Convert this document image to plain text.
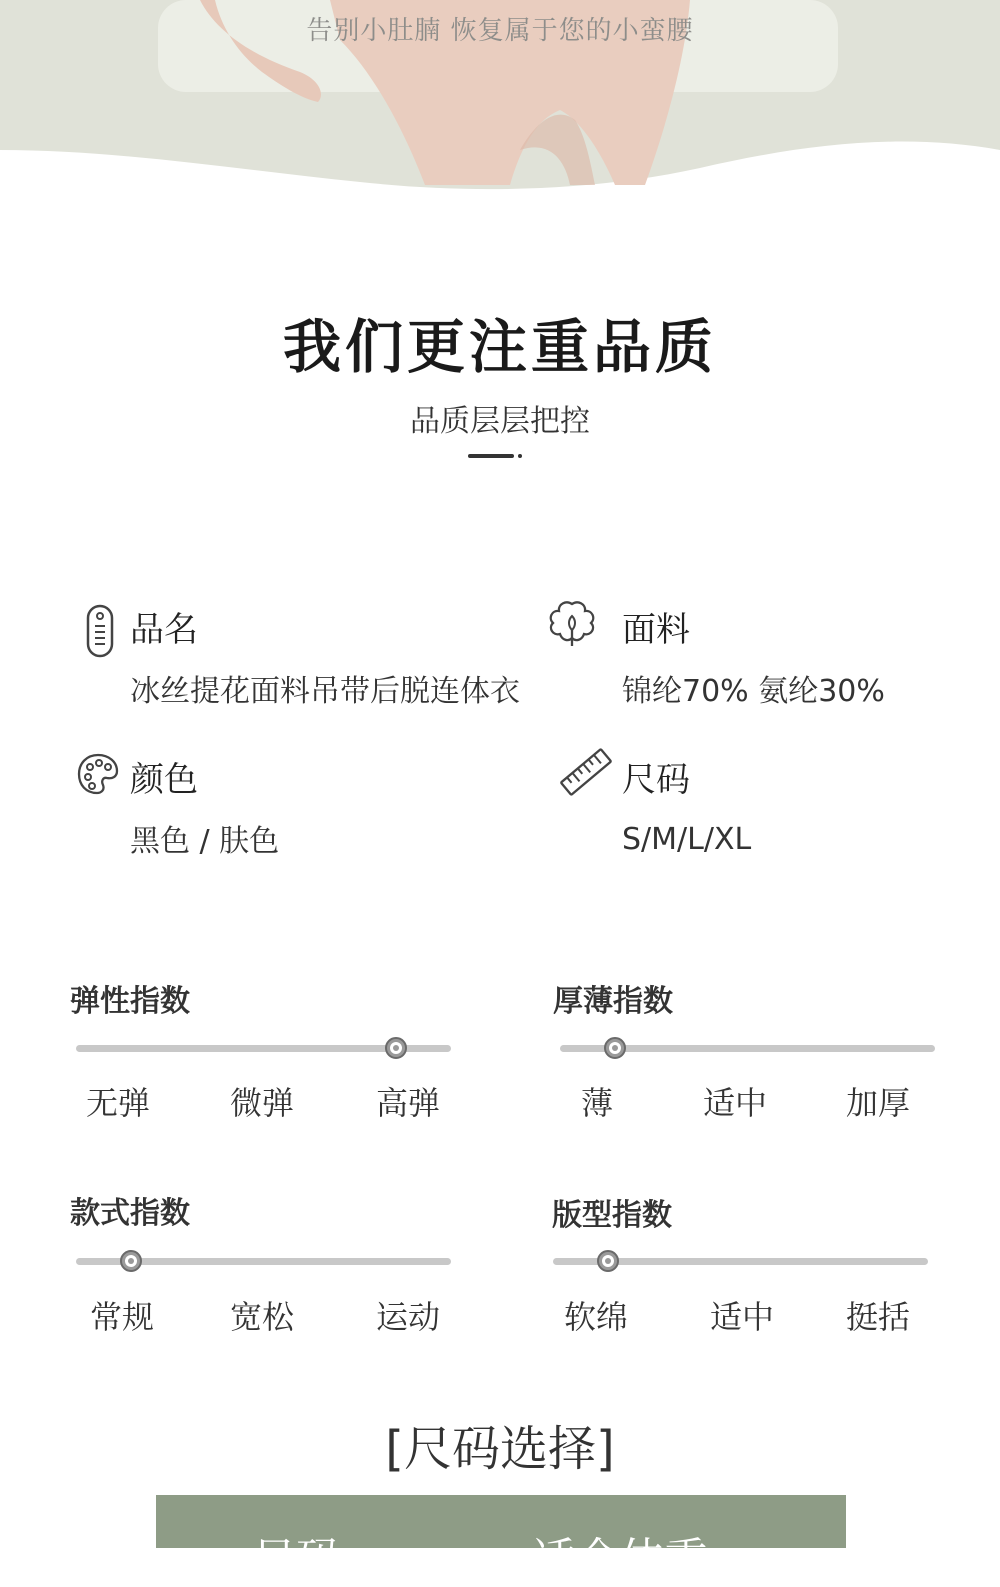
告别小肚腩 恢复属于您的小蛮腰
我们更注重品质
品质层层把控
品名
冰丝提花面料吊带后脱连体衣
面料
锦纶70% 氨纶30%
颜色
黑色 / 肤色
尺码
S/M/L/XL
弹性指数
无弹	微弹	高弹
厚薄指数
薄	适中	加厚
款式指数
常规	宽松	运动
版型指数
软绵	适中	挺括
[尺码选择]
尺码	适合体重
